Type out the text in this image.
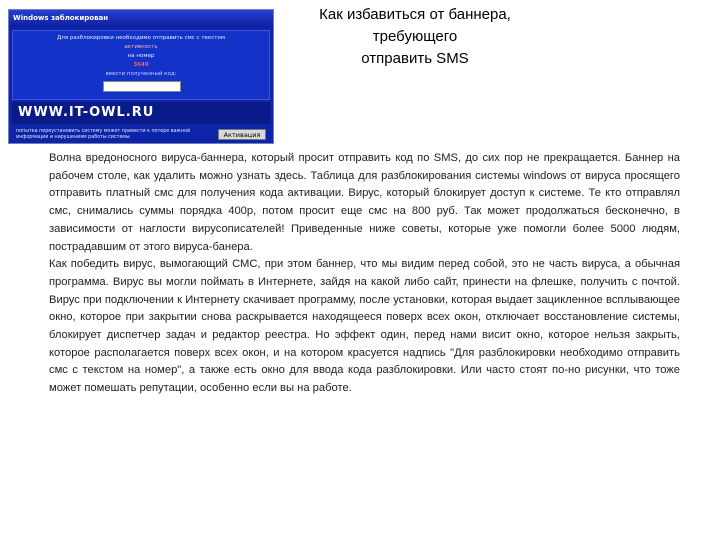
Как избавиться от баннера, требующего
отправить SMS
Windows заблокирован
Для разблокировки необходимо отправить смс с текстом
активность
на номер
3649
ввести полученный код:
WWW.IT-OWL.RU
попытка переустановить систему может привести к потере важной информации и нарушениям работы системы	Активация

Волна вредоносного вируса-баннера, который просит отправить код по SMS, до сих пор не прекращается. Баннер на рабочем столе, как удалить можно узнать здесь. Таблица для разблокирования системы windows от вируса просящего отправить платный смс для получения кода активации. Вирус, который блокирует доступ к системе. Те кто отправлял смс, снимались суммы порядка 400р, потом просит еще смс на 800 руб. Так может продолжаться бесконечно, в зависимости от наглости вирусописателей! Приведенные ниже советы, которые уже помогли более 5000 людям, пострадавшим от этого вируса-банера.

Как победить вирус, вымогающий СМС, при этом баннер, что мы видим перед собой, это не часть вируса, а обычная программа. Вирус вы могли поймать в Интернете, зайдя на какой либо сайт, принести на флешке, получить с почтой. Вирус при подключении к Интернету скачивает программу, после установки, которая выдает зацикленное всплывающее окно, которое при закрытии снова раскрывается находящееся поверх всех окон, отключает восстановление системы, блокирует диспетчер задач и редактор реестра. Но эффект один, перед нами висит окно, которое нельзя закрыть, которое располагается поверх всех окон, и на котором красуется надпись "Для разблокировки необходимо отправить смс с текстом на номер", а также есть окно для ввода кода разблокировки. Или часто стоят по-но рисунки, что тоже может помешать репутации, особенно если вы на работе.
